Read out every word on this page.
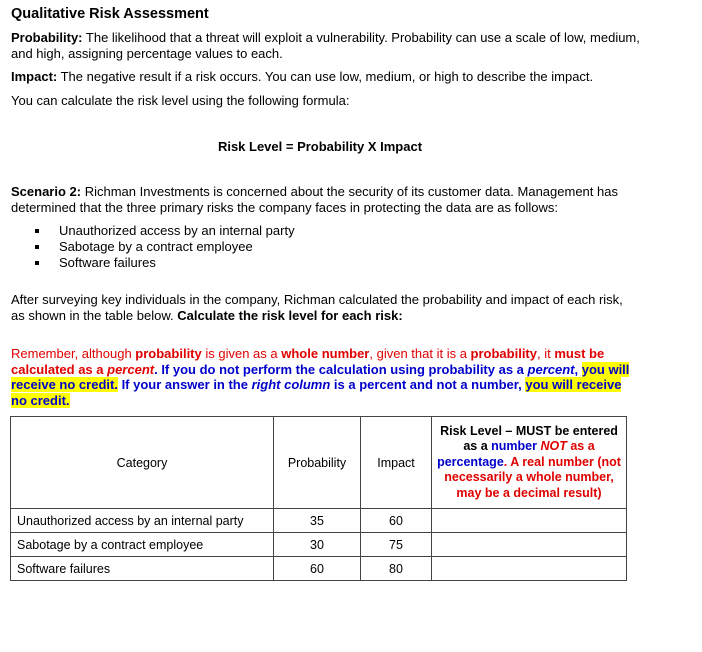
Qualitative Risk Assessment
Probability: The likelihood that a threat will exploit a vulnerability. Probability can use a scale of low, medium, and high, assigning percentage values to each.
Impact: The negative result if a risk occurs. You can use low, medium, or high to describe the impact.
You can calculate the risk level using the following formula:
Risk Level = Probability X Impact
Scenario 2: Richman Investments is concerned about the security of its customer data. Management has determined that the three primary risks the company faces in protecting the data are as follows:
Unauthorized access by an internal party
Sabotage by a contract employee
Software failures
After surveying key individuals in the company, Richman calculated the probability and impact of each risk, as shown in the table below. Calculate the risk level for each risk:
Remember, although probability is given as a whole number, given that it is a probability, it must be calculated as a percent. If you do not perform the calculation using probability as a percent, you will receive no credit. If your answer in the right column is a percent and not a number, you will receive no credit.
Category	Probability	Impact	Risk Level – MUST be entered as a number NOT as a percentage. A real number (not necessarily a whole number, may be a decimal result)
Unauthorized access by an internal party	35	60	
Sabotage by a contract employee	30	75	
Software failures	60	80	
